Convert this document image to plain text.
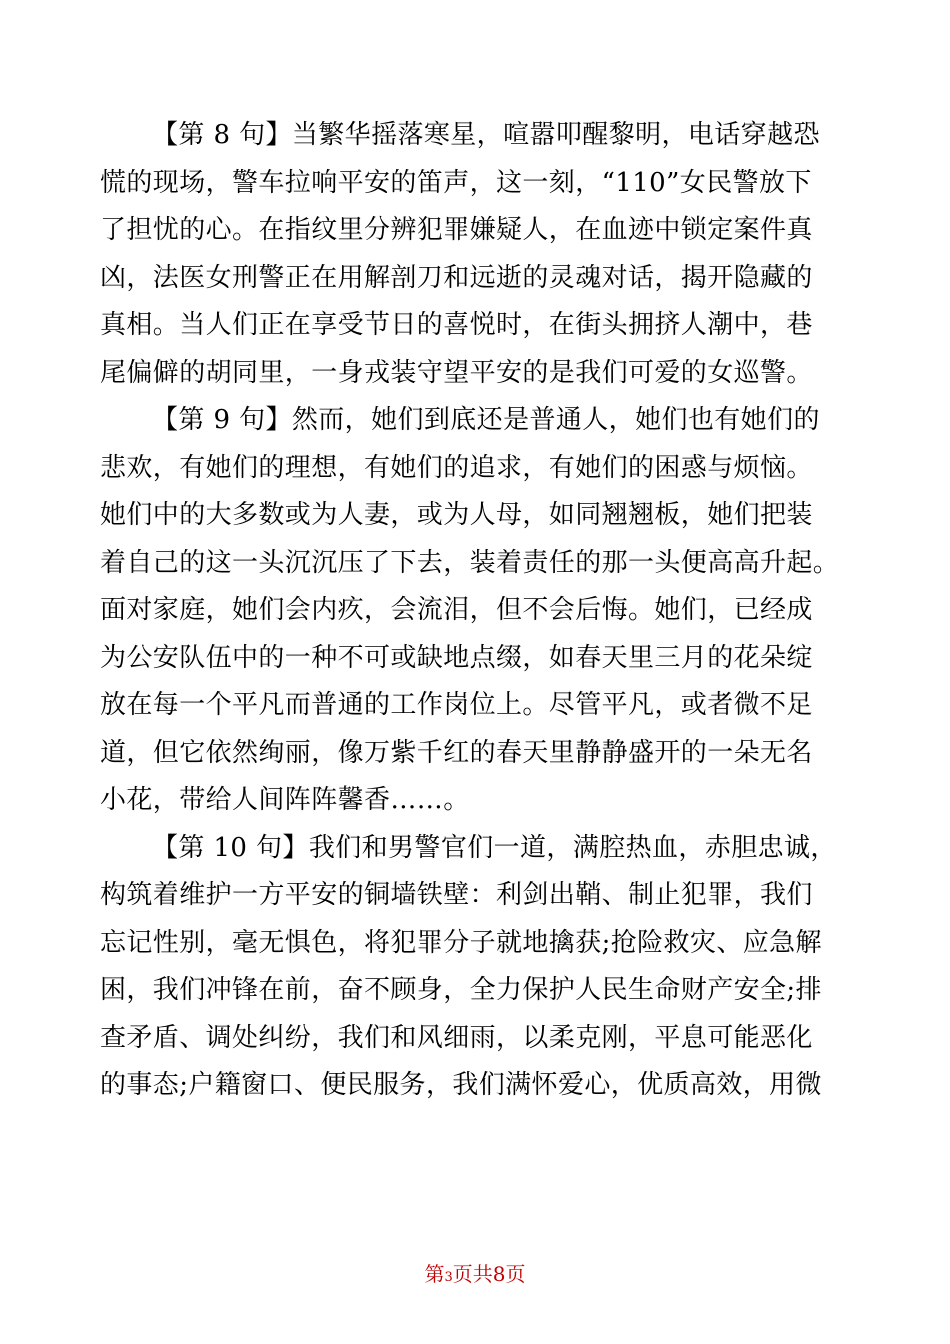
【第 8 句】当繁华摇落寒星，喧嚣叩醒黎明，电话穿越恐
慌的现场，警车拉响平安的笛声，这一刻，“110”女民警放下
了担忧的心。在指纹里分辨犯罪嫌疑人，在血迹中锁定案件真
凶，法医女刑警正在用解剖刀和远逝的灵魂对话，揭开隐藏的
真相。当人们正在享受节日的喜悦时，在街头拥挤人潮中，巷
尾偏僻的胡同里，一身戎装守望平安的是我们可爱的女巡警。
【第 9 句】然而，她们到底还是普通人，她们也有她们的
悲欢，有她们的理想，有她们的追求，有她们的困惑与烦恼。
她们中的大多数或为人妻，或为人母，如同翘翘板，她们把装
着自己的这一头沉沉压了下去，装着责任的那一头便高高升起。
面对家庭，她们会内疚，会流泪，但不会后悔。她们，已经成
为公安队伍中的一种不可或缺地点缀，如春天里三月的花朵绽
放在每一个平凡而普通的工作岗位上。尽管平凡，或者微不足
道，但它依然绚丽，像万紫千红的春天里静静盛开的一朵无名
小花，带给人间阵阵馨香……。
【第 10 句】我们和男警官们一道，满腔热血，赤胆忠诚，
构筑着维护一方平安的铜墙铁壁：利剑出鞘、制止犯罪，我们
忘记性别，毫无惧色，将犯罪分子就地擒获;抢险救灾、应急解
困，我们冲锋在前，奋不顾身，全力保护人民生命财产安全;排
查矛盾、调处纠纷，我们和风细雨，以柔克刚，平息可能恶化
的事态;户籍窗口、便民服务，我们满怀爱心，优质高效，用微
第3页共8页
